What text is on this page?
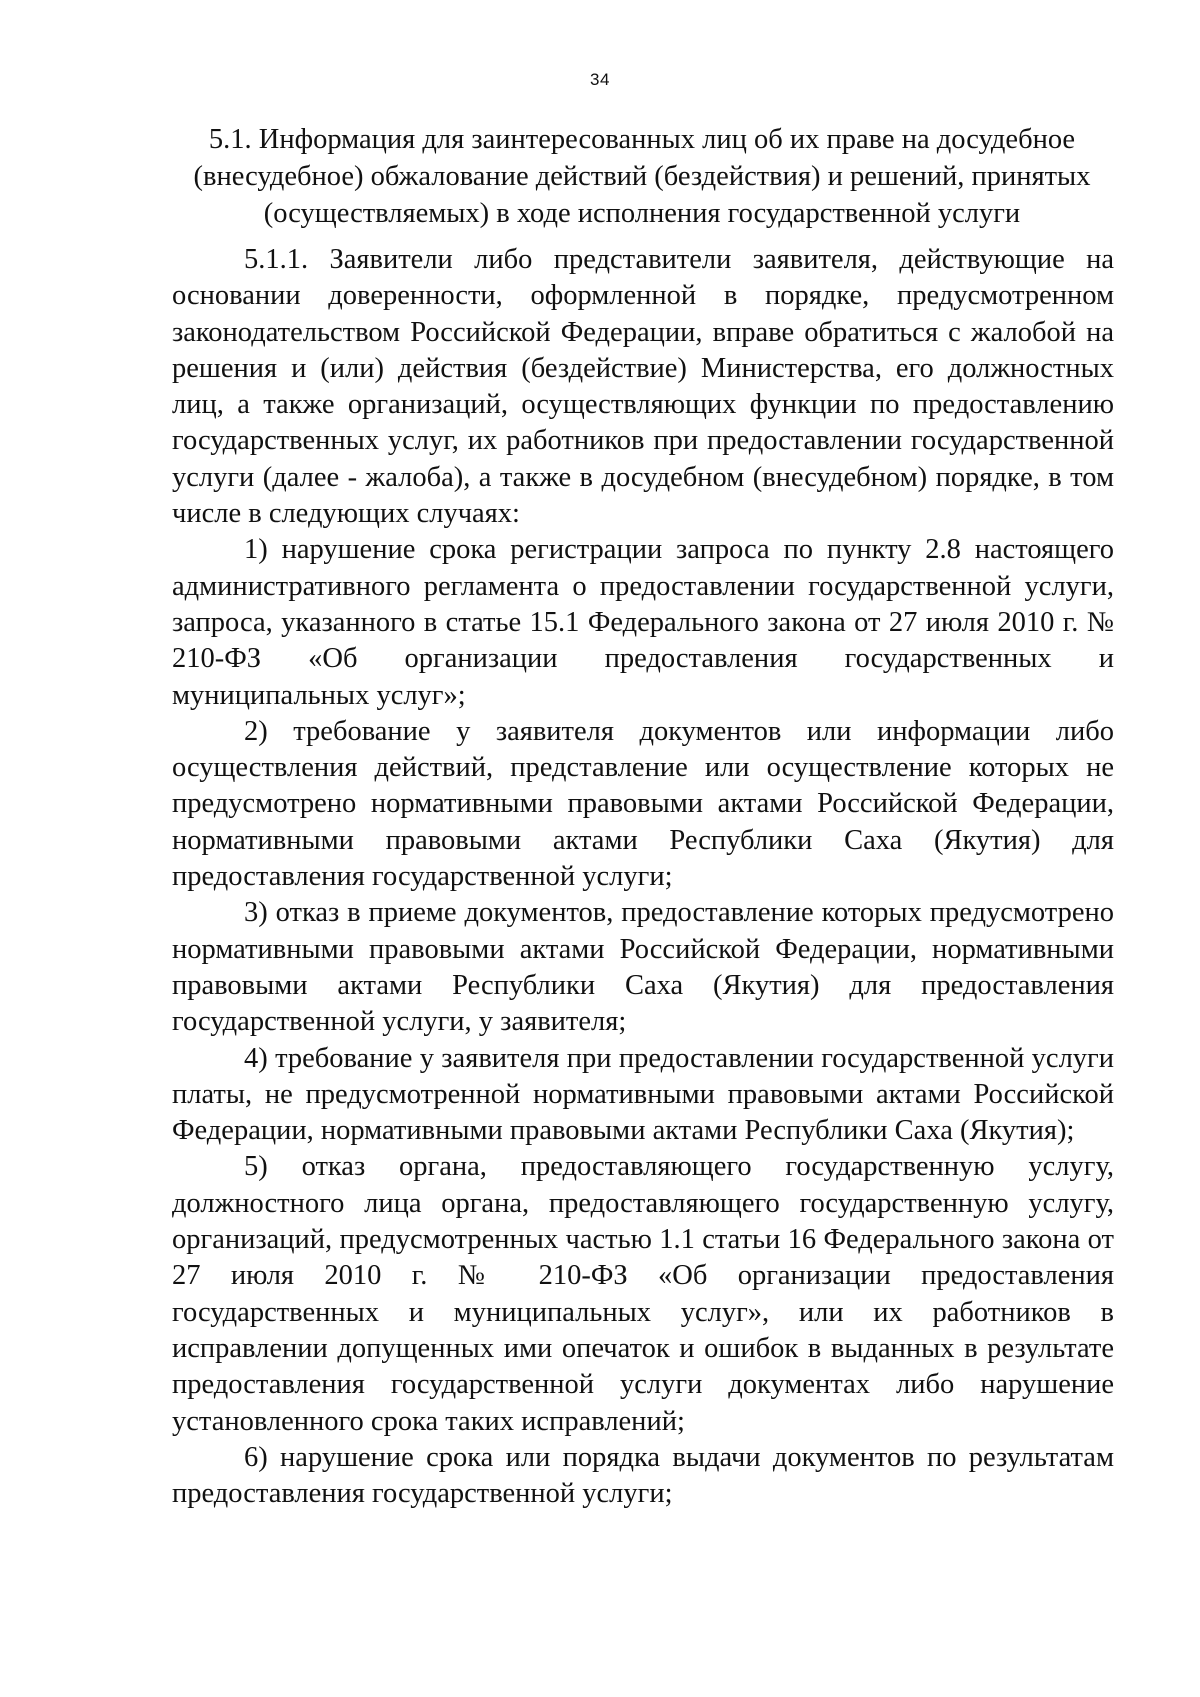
34
5.1. Информация для заинтересованных лиц об их праве на досудебное (внесудебное) обжалование действий (бездействия) и решений, принятых (осуществляемых) в ходе исполнения государственной услуги

5.1.1. Заявители либо представители заявителя, действующие на основании доверенности, оформленной в порядке, предусмотренном законодательством Российской Федерации, вправе обратиться с жалобой на решения и (или) действия (бездействие) Министерства, его должностных лиц, а также организаций, осуществляющих функции по предоставлению государственных услуг, их работников при предоставлении государственной услуги (далее - жалоба), а также в досудебном (внесудебном) порядке, в том числе в следующих случаях:

1) нарушение срока регистрации запроса по пункту 2.8 настоящего административного регламента о предоставлении государственной услуги, запроса, указанного в статье 15.1 Федерального закона от 27 июля 2010 г. № 210-ФЗ «Об организации предоставления государственных и муниципальных услуг»;

2) требование у заявителя документов или информации либо осуществления действий, представление или осуществление которых не предусмотрено нормативными правовыми актами Российской Федерации, нормативными правовыми актами Республики Саха (Якутия) для предоставления государственной услуги;

3) отказ в приеме документов, предоставление которых предусмотрено нормативными правовыми актами Российской Федерации, нормативными правовыми актами Республики Саха (Якутия) для предоставления государственной услуги, у заявителя;

4) требование у заявителя при предоставлении государственной услуги платы, не предусмотренной нормативными правовыми актами Российской Федерации, нормативными правовыми актами Республики Саха (Якутия);

5) отказ органа, предоставляющего государственную услугу, должностного лица органа, предоставляющего государственную услугу, организаций, предусмотренных частью 1.1 статьи 16 Федерального закона от 27 июля 2010 г. № 210-ФЗ «Об организации предоставления государственных и муниципальных услуг», или их работников в исправлении допущенных ими опечаток и ошибок в выданных в результате предоставления государственной услуги документах либо нарушение установленного срока таких исправлений;

6) нарушение срока или порядка выдачи документов по результатам предоставления государственной услуги;
